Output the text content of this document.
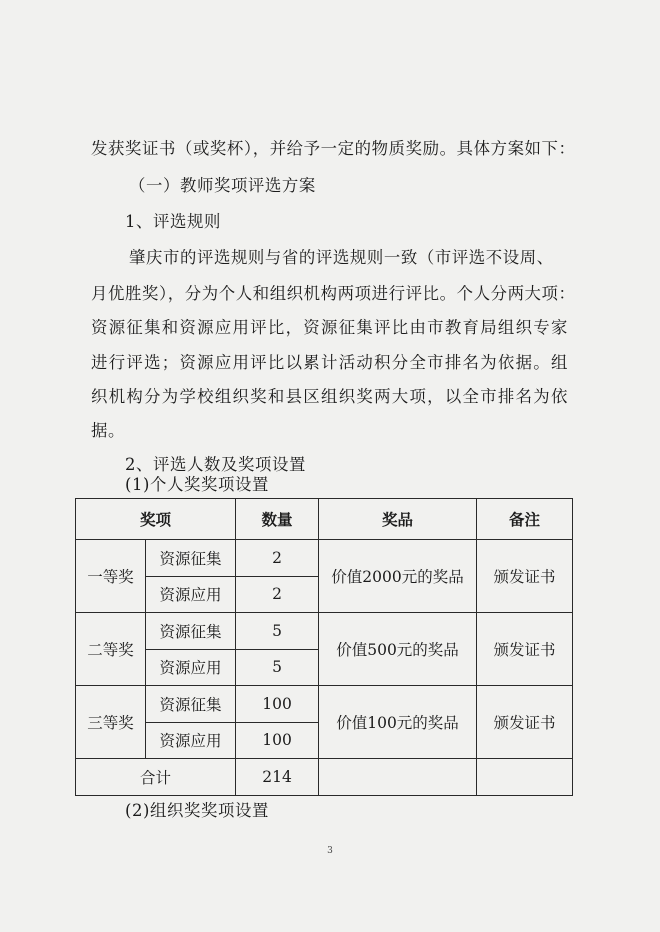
发获奖证书（或奖杯），并给予一定的物质奖励。具体方案如下：
（一）教师奖项评选方案
1、评选规则
肇庆市的评选规则与省的评选规则一致（市评选不设周、
月优胜奖），分为个人和组织机构两项进行评比。个人分两大项：
资源征集和资源应用评比，资源征集评比由市教育局组织专家
进行评选；资源应用评比以累计活动积分全市排名为依据。组
织机构分为学校组织奖和县区组织奖两大项，以全市排名为依
据。
2、评选人数及奖项设置
(1)个人奖奖项设置
奖项		数量	奖品	备注
一等奖	资源征集	2	价值2000元的奖品	颁发证书
	资源应用	2		
二等奖	资源征集	5	价值500元的奖品	颁发证书
	资源应用	5		
三等奖	资源征集	100	价值100元的奖品	颁发证书
	资源应用	100		
合计		214		
(2)组织奖奖项设置
3
